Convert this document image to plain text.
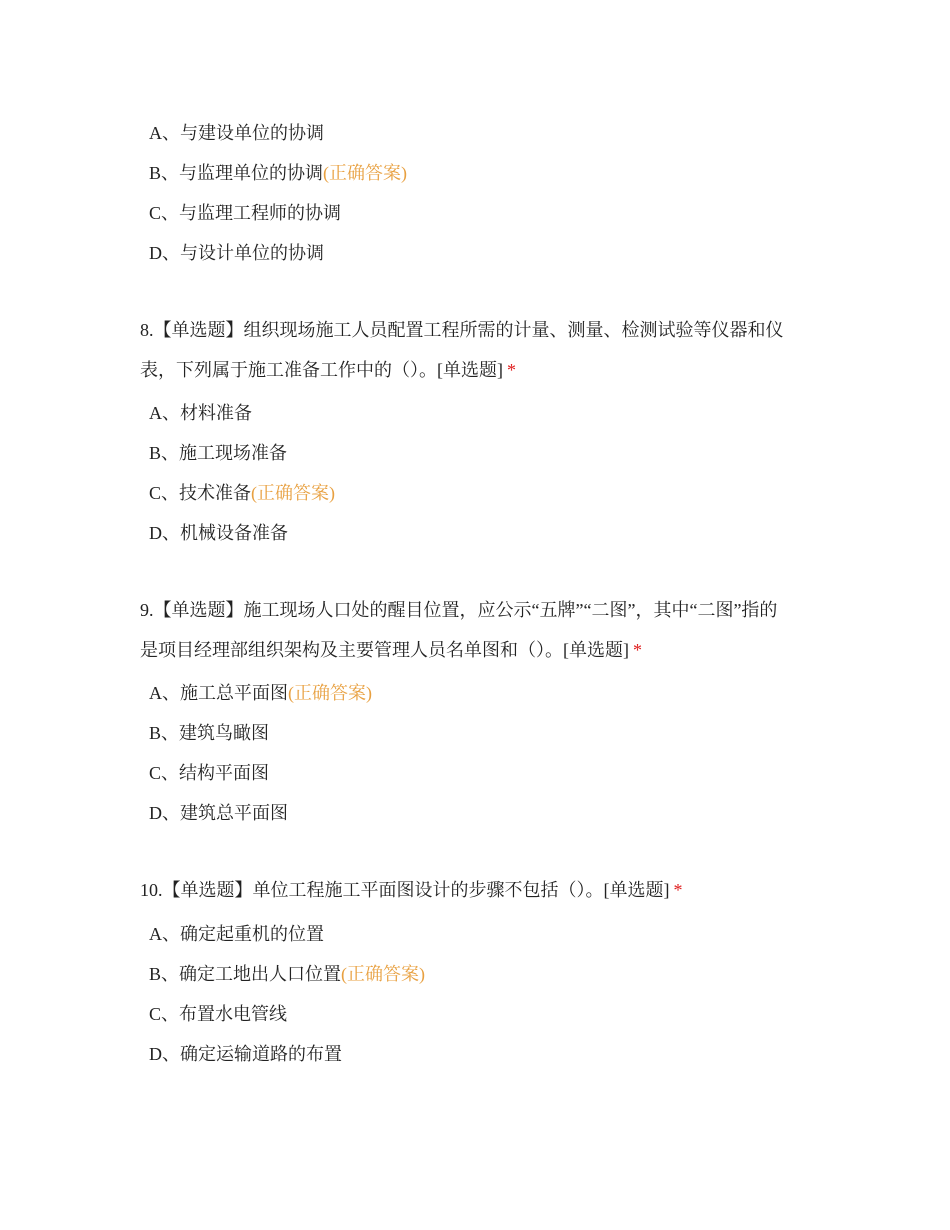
A、与建设单位的协调
B、与监理单位的协调(正确答案)
C、与监理工程师的协调
D、与设计单位的协调
8.【单选题】组织现场施工人员配置工程所需的计量、测量、检测试验等仪器和仪
表，下列属于施工准备工作中的（）。[单选题] *
A、材料准备
B、施工现场准备
C、技术准备(正确答案)
D、机械设备准备
9.【单选题】施工现场人口处的醒目位置，应公示“五牌”“二图”，其中“二图”指的
是项目经理部组织架构及主要管理人员名单图和（）。[单选题] *
A、施工总平面图(正确答案)
B、建筑鸟瞰图
C、结构平面图
D、建筑总平面图
10.【单选题】单位工程施工平面图设计的步骤不包括（）。[单选题] *
A、确定起重机的位置
B、确定工地出人口位置(正确答案)
C、布置水电管线
D、确定运输道路的布置
